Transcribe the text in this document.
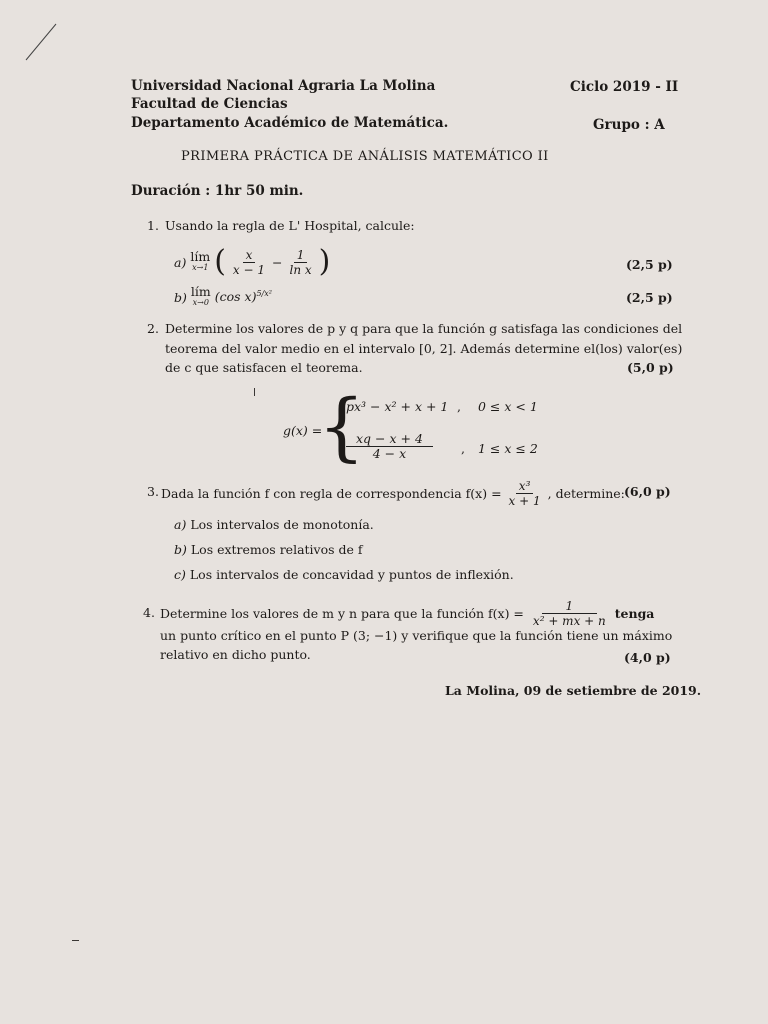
Universidad Nacional Agraria La Molina
Facultad de Ciencias
Departamento Académico de Matemática.
Ciclo 2019 - II
Grupo : A
PRIMERA PRÁCTICA DE ANÁLISIS MATEMÁTICO II
Duración : 1hr 50 min.
1. Usando la regla de L' Hospital, calcule:
a) lím
x→1 ( $\frac{x}{x - 1} - \frac{1}{\text{ln x}}$ )	(2,5 p)
b) lím
x→0 (cos x)$^{5/x^2}$	(2,5 p)
2. Determine los valores de p y q para que la función g satisfaga las condiciones del
teorema del valor medio en el intervalo [0, 2]. Además determine el(los) valor(es)
de c que satisfacen el teorema.	(5,0 p)
g(x) =
{
px³ − x² + x + 1 , 0 ≤ x < 1
$\frac{xq - x + 4}{4 - x}$ , 1 ≤ x ≤ 2
3. Dada la función f con regla de correspondencia $f(x) = \frac{\text{x³}}{x + 1}$ , determine: (6,0 p)
a) Los intervalos de monotonía.
b) Los extremos relativos de f
c) Los intervalos de concavidad y puntos de inflexión.
4. Determine los valores de m y n para que la función $f(x) = \frac{1}{\text{x² + mx + n}}$ tenga
un punto crítico en el punto P (3; −1) y verifique que la función tiene un máximo
relativo en dicho punto.	(4,0 p)
La Molina, 09 de setiembre de 2019.
